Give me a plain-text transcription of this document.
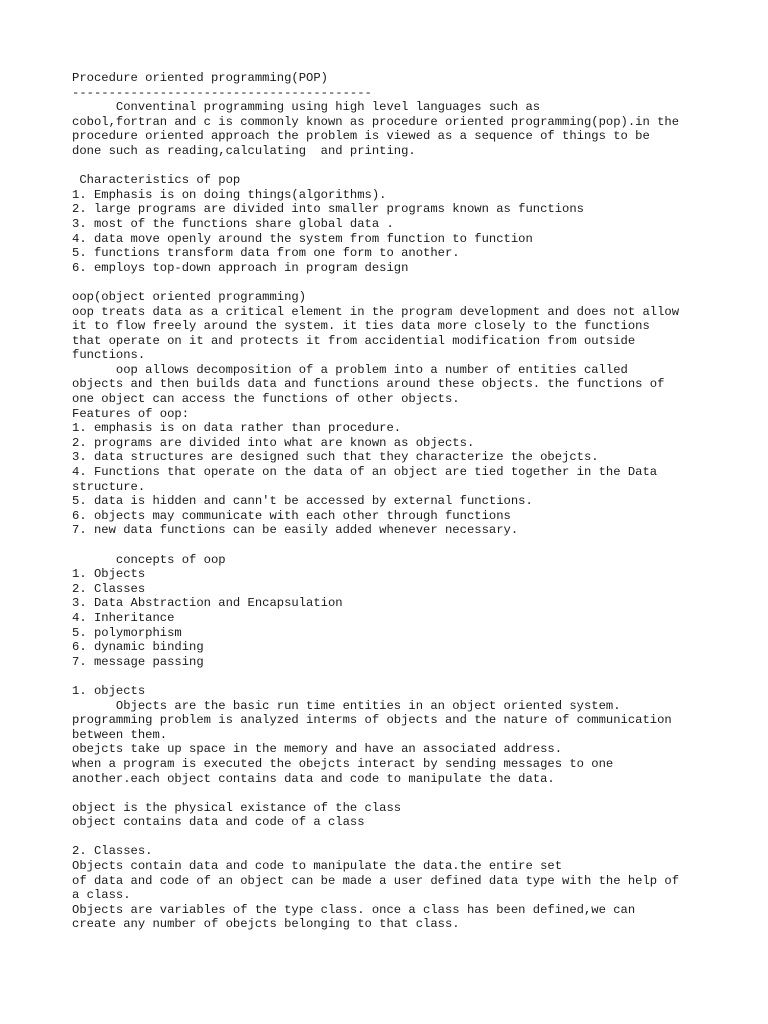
Procedure oriented programming(POP)
-----------------------------------------
Conventinal programming using high level languages such as
cobol,fortran and c is commonly known as procedure oriented programming(pop).in the
procedure oriented approach the problem is viewed as a sequence of things to be
done such as reading,calculating  and printing.
Characteristics of pop
1. Emphasis is on doing things(algorithms).
2. large programs are divided into smaller programs known as functions
3. most of the functions share global data .
4. data move openly around the system from function to function
5. functions transform data from one form to another.
6. employs top-down approach in program design
oop(object oriented programming)
oop treats data as a critical element in the program development and does not allow
it to flow freely around the system. it ties data more closely to the functions
that operate on it and protects it from accidential modification from outside
functions.
oop allows decomposition of a problem into a number of entities called
objects and then builds data and functions around these objects. the functions of
one object can access the functions of other objects.
Features of oop:
1. emphasis is on data rather than procedure.
2. programs are divided into what are known as objects.
3. data structures are designed such that they characterize the obejcts.
4. Functions that operate on the data of an object are tied together in the Data
structure.
5. data is hidden and cann't be accessed by external functions.
6. objects may communicate with each other through functions
7. new data functions can be easily added whenever necessary.
concepts of oop
1. Objects
2. Classes
3. Data Abstraction and Encapsulation
4. Inheritance
5. polymorphism
6. dynamic binding
7. message passing
1. objects
Objects are the basic run time entities in an object oriented system.
programming problem is analyzed interms of objects and the nature of communication
between them.
obejcts take up space in the memory and have an associated address.
when a program is executed the obejcts interact by sending messages to one
another.each object contains data and code to manipulate the data.
object is the physical existance of the class
object contains data and code of a class
2. Classes.
Objects contain data and code to manipulate the data.the entire set
of data and code of an object can be made a user defined data type with the help of
a class.
Objects are variables of the type class. once a class has been defined,we can
create any number of obejcts belonging to that class.
